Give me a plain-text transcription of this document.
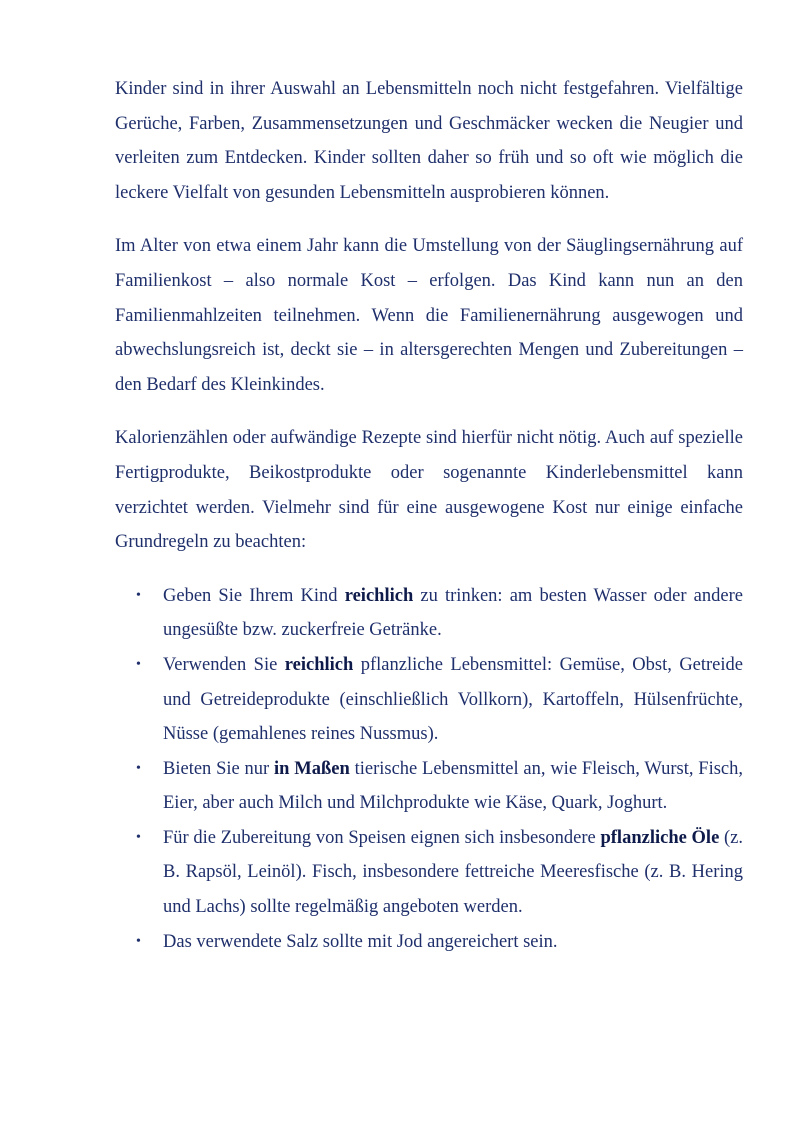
Kinder sind in ihrer Auswahl an Lebensmitteln noch nicht festgefahren. Vielfältige Gerüche, Farben, Zusammensetzungen und Geschmäcker wecken die Neugier und verleiten zum Entdecken. Kinder sollten daher so früh und so oft wie möglich die leckere Vielfalt von gesunden Lebensmitteln ausprobieren können.

Im Alter von etwa einem Jahr kann die Umstellung von der Säuglingsernährung auf Familienkost – also normale Kost – erfolgen. Das Kind kann nun an den Familienmahlzeiten teilnehmen. Wenn die Familienernährung ausgewogen und abwechslungsreich ist, deckt sie – in altersgerechten Mengen und Zubereitungen – den Bedarf des Kleinkindes.

Kalorienzählen oder aufwändige Rezepte sind hierfür nicht nötig. Auch auf spezielle Fertigprodukte, Beikostprodukte oder sogenannte Kinderlebensmittel kann verzichtet werden. Vielmehr sind für eine ausgewogene Kost nur einige einfache Grundregeln zu beachten:

• Geben Sie Ihrem Kind reichlich zu trinken: am besten Wasser oder andere ungesüßte bzw. zuckerfreie Getränke.
• Verwenden Sie reichlich pflanzliche Lebensmittel: Gemüse, Obst, Getreide und Getreideprodukte (einschließlich Vollkorn), Kartoffeln, Hülsenfrüchte, Nüsse (gemahlenes reines Nussmus).
• Bieten Sie nur in Maßen tierische Lebensmittel an, wie Fleisch, Wurst, Fisch, Eier, aber auch Milch und Milchprodukte wie Käse, Quark, Joghurt.
• Für die Zubereitung von Speisen eignen sich insbesondere pflanzliche Öle (z. B. Rapsöl, Leinöl). Fisch, insbesondere fettreiche Meeresfische (z. B. Hering und Lachs) sollte regelmäßig angeboten werden.
• Das verwendete Salz sollte mit Jod angereichert sein.
